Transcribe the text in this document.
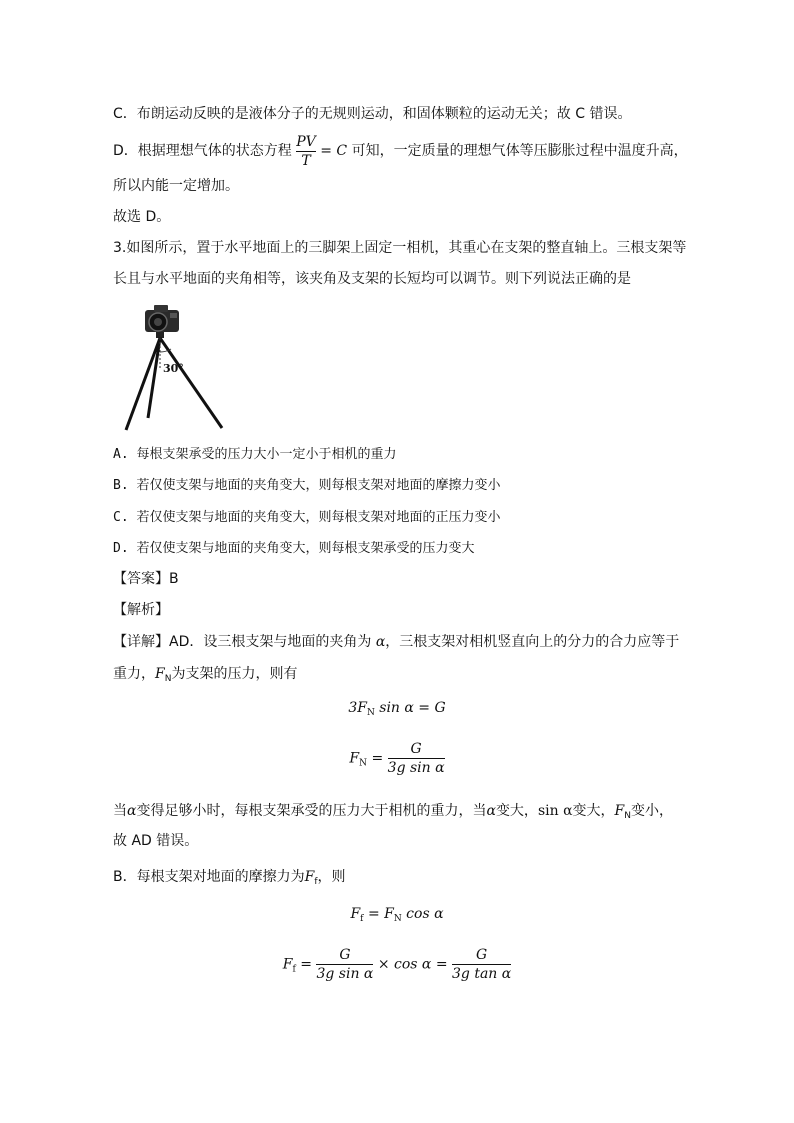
C．布朗运动反映的是液体分子的无规则运动，和固体颗粒的运动无关；故 C 错误。
D．根据理想气体的状态方程 $\frac{PV}{T} = C$ 可知，一定质量的理想气体等压膨胀过程中温度升高，
所以内能一定增加。
故选 D。
3.如图所示，置于水平地面上的三脚架上固定一相机，其重心在支架的整直轴上。三根支架等
长且与水平地面的夹角相等，该夹角及支架的长短均可以调节。则下列说法正确的是
30°
A. 每根支架承受的压力大小一定小于相机的重力
B. 若仅使支架与地面的夹角变大，则每根支架对地面的摩擦力变小
C. 若仅使支架与地面的夹角变大，则每根支架对地面的正压力变小
D. 若仅使支架与地面的夹角变大，则每根支架承受的压力变大
【答案】B
【解析】
【详解】AD．设三根支架与地面的夹角为 α，三根支架对相机竖直向上的分力的合力应等于
重力，$F_N$为支架的压力，则有
$3F_N$ sin α = G
$F_N = \frac{G}{\text{3g sin α}}$
当α变得足够小时，每根支架承受的压力大于相机的重力，当α变大，sin α变大，$F_N$变小，
故 AD 错误。
B．每根支架对地面的摩擦力为$F_f$，则
$F_f = F_N$ cos α
$F_f = \frac{G}{\text{3g sin α}} \times \cos \alpha = \frac{G}{\text{3g tan α}}$
